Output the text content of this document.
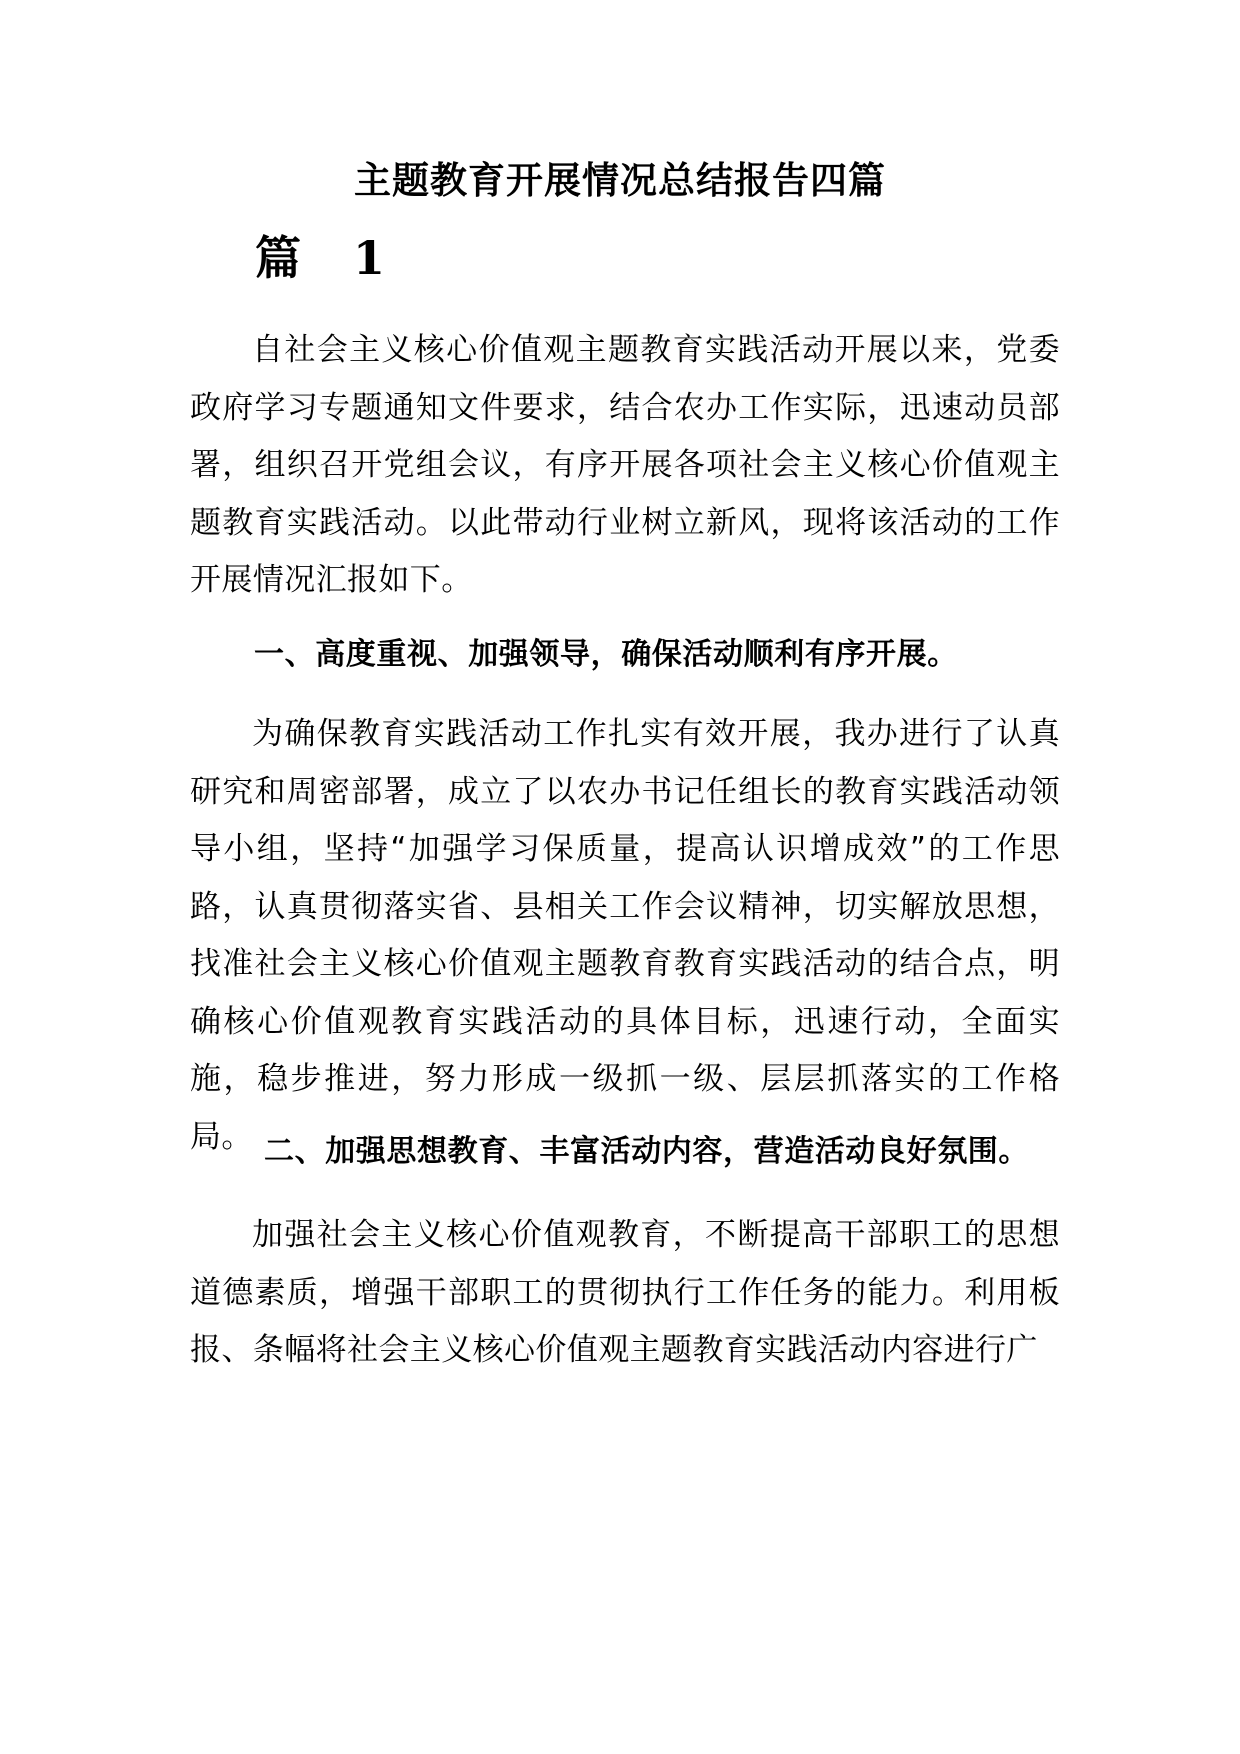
主题教育开展情况总结报告四篇
篇 1

自社会主义核心价值观主题教育实践活动开展以来，党委政府学习专题通知文件要求，结合农办工作实际，迅速动员部署，组织召开党组会议，有序开展各项社会主义核心价值观主题教育实践活动。以此带动行业树立新风，现将该活动的工作开展情况汇报如下。

一、高度重视、加强领导，确保活动顺利有序开展。

为确保教育实践活动工作扎实有效开展，我办进行了认真研究和周密部署，成立了以农办书记任组长的教育实践活动领导小组，坚持“加强学习保质量，提高认识增成效”的工作思路，认真贯彻落实省、县相关工作会议精神，切实解放思想，找准社会主义核心价值观主题教育教育实践活动的结合点，明确核心价值观教育实践活动的具体目标，迅速行动，全面实施，稳步推进，努力形成一级抓一级、层层抓落实的工作格局。 二、加强思想教育、丰富活动内容，营造活动良好氛围。

加强社会主义核心价值观教育，不断提高干部职工的思想道德素质，增强干部职工的贯彻执行工作任务的能力。利用板报、条幅将社会主义核心价值观主题教育实践活动内容进行广
